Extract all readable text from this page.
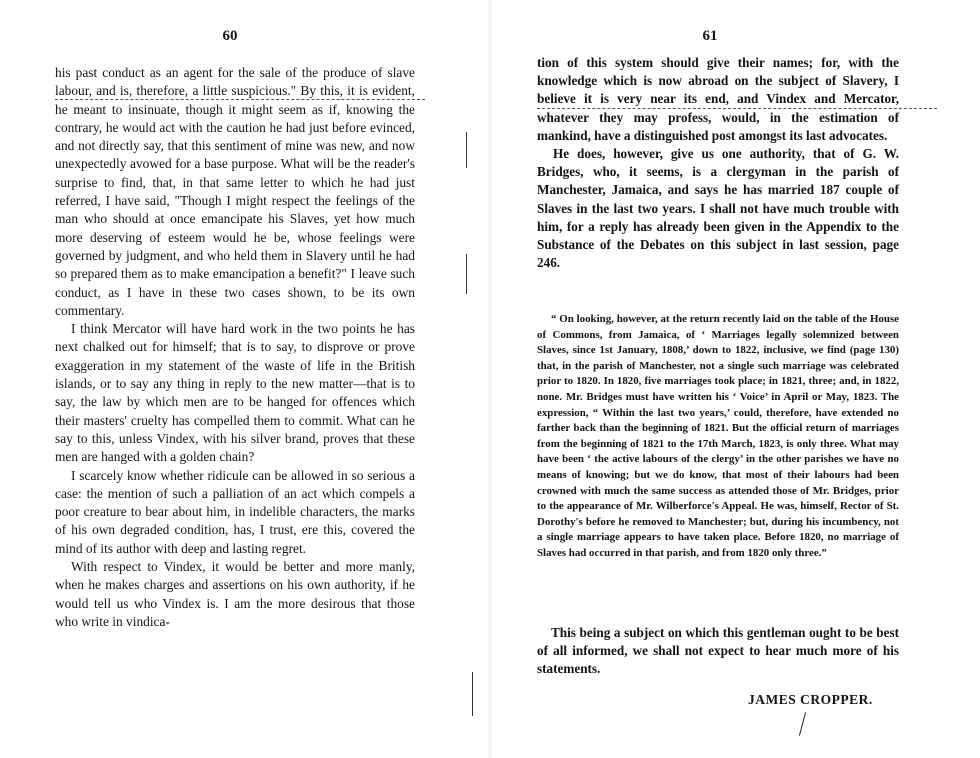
60

his past conduct as an agent for the sale of the produce of slave labour, and is, therefore, a little suspicious." By this, it is evident, he meant to insinuate, though it might seem as if, knowing the contrary, he would act with the caution he had just before evinced, and not directly say, that this sentiment of mine was new, and now unexpectedly avowed for a base purpose. What will be the reader's surprise to find, that, in that same letter to which he had just referred, I have said, "Though I might respect the feelings of the man who should at once emancipate his Slaves, yet how much more deserving of esteem would he be, whose feelings were governed by judgment, and who held them in Slavery until he had so prepared them as to make emancipation a benefit?" I leave such conduct, as I have in these two cases shown, to be its own commentary.

I think Mercator will have hard work in the two points he has next chalked out for himself; that is to say, to disprove or prove exaggeration in my statement of the waste of life in the British islands, or to say any thing in reply to the new matter—that is to say, the law by which men are to be hanged for offences which their masters' cruelty has compelled them to commit. What can he say to this, unless Vindex, with his silver brand, proves that these men are hanged with a golden chain?

I scarcely know whether ridicule can be allowed in so serious a case: the mention of such a palliation of an act which compels a poor creature to bear about him, in indelible characters, the marks of his own degraded condition, has, I trust, ere this, covered the mind of its author with deep and lasting regret.

With respect to Vindex, it would be better and more manly, when he makes charges and assertions on his own authority, if he would tell us who Vindex is. I am the more desirous that those who write in vindica-

61

tion of this system should give their names; for, with the knowledge which is now abroad on the subject of Slavery, I believe it is very near its end, and Vindex and Mercator, whatever they may profess, would, in the estimation of mankind, have a distinguished post amongst its last advocates.

He does, however, give us one authority, that of G. W. Bridges, who, it seems, is a clergyman in the parish of Manchester, Jamaica, and says he has married 187 couple of Slaves in the last two years. I shall not have much trouble with him, for a reply has already been given in the Appendix to the Substance of the Debates on this subject in last session, page 246.

“ On looking, however, at the return recently laid on the table of the House of Commons, from Jamaica, of ‘ Marriages legally solemnized between Slaves, since 1st January, 1808,’ down to 1822, inclusive, we find (page 130) that, in the parish of Manchester, not a single such marriage was celebrated prior to 1820. In 1820, five marriages took place; in 1821, three; and, in 1822, none. Mr. Bridges must have written his ‘ Voice’ in April or May, 1823. The expression, “ Within the last two years,’ could, therefore, have extended no farther back than the beginning of 1821. But the official return of marriages from the beginning of 1821 to the 17th March, 1823, is only three. What may have been ‘ the active labours of the clergy’ in the other parishes we have no means of knowing; but we do know, that most of their labours had been crowned with much the same success as attended those of Mr. Bridges, prior to the appearance of Mr. Wilberforce's Appeal. He was, himself, Rector of St. Dorothy's before he removed to Manchester; but, during his incumbency, not a single marriage appears to have taken place. Before 1820, no marriage of Slaves had occurred in that parish, and from 1820 only three.”

This being a subject on which this gentleman ought to be best of all informed, we shall not expect to hear much more of his statements.

JAMES CROPPER.
